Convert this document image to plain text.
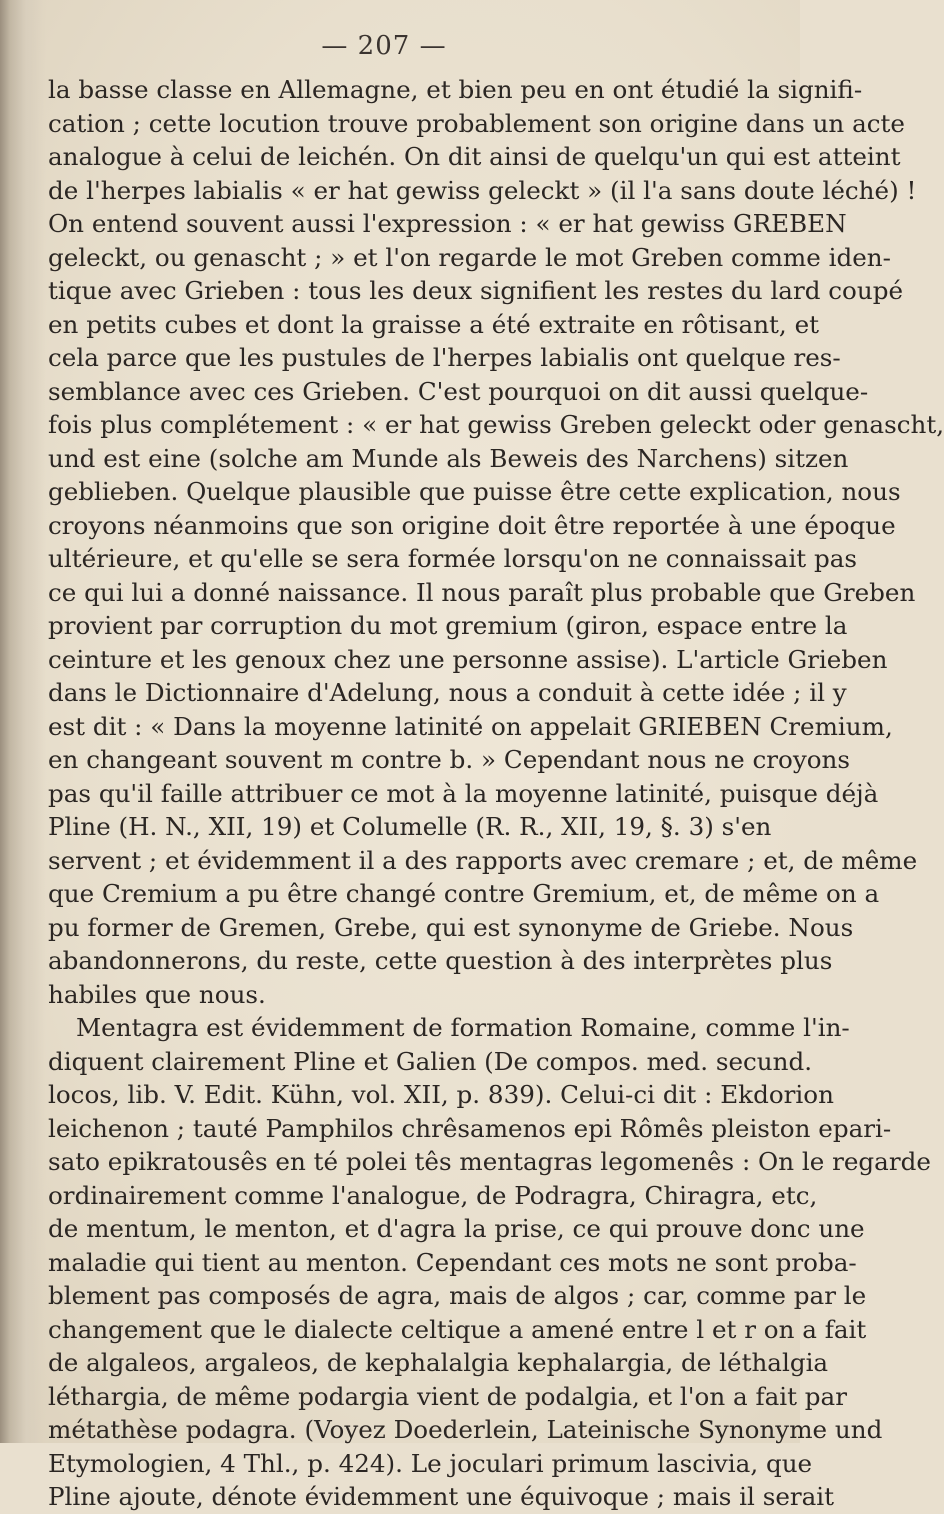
— 207 —
la basse classe en Allemagne, et bien peu en ont étudié la signifi-
cation ; cette locution trouve probablement son origine dans un acte
analogue à celui de leichén. On dit ainsi de quelqu'un qui est atteint
de l'herpes labialis « er hat gewiss geleckt » (il l'a sans doute léché) !
On entend souvent aussi l'expression : « er hat gewiss GREBEN
geleckt, ou genascht ; » et l'on regarde le mot Greben comme iden-
tique avec Grieben : tous les deux signifient les restes du lard coupé
en petits cubes et dont la graisse a été extraite en rôtisant, et
cela parce que les pustules de l'herpes labialis ont quelque res-
semblance avec ces Grieben. C'est pourquoi on dit aussi quelque-
fois plus complétement : « er hat gewiss Greben geleckt oder genascht,
und est eine (solche am Munde als Beweis des Narchens) sitzen
geblieben. Quelque plausible que puisse être cette explication, nous
croyons néanmoins que son origine doit être reportée à une époque
ultérieure, et qu'elle se sera formée lorsqu'on ne connaissait pas
ce qui lui a donné naissance. Il nous paraît plus probable que Greben
provient par corruption du mot gremium (giron, espace entre la
ceinture et les genoux chez une personne assise). L'article Grieben
dans le Dictionnaire d'Adelung, nous a conduit à cette idée ; il y
est dit : « Dans la moyenne latinité on appelait GRIEBEN Cremium,
en changeant souvent m contre b. » Cependant nous ne croyons
pas qu'il faille attribuer ce mot à la moyenne latinité, puisque déjà
Pline (H. N., XII, 19) et Columelle (R. R., XII, 19, §. 3) s'en
servent ; et évidemment il a des rapports avec cremare ; et, de même
que Cremium a pu être changé contre Gremium, et, de même on a
pu former de Gremen, Grebe, qui est synonyme de Griebe. Nous
abandonnerons, du reste, cette question à des interprètes plus
habiles que nous.
Mentagra est évidemment de formation Romaine, comme l'in-
diquent clairement Pline et Galien (De compos. med. secund.
locos, lib. V. Edit. Kühn, vol. XII, p. 839). Celui-ci dit : Ekdorion
leichenon ; tauté Pamphilos chrêsamenos epi Rômês pleiston epari-
sato epikratousês en té polei tês mentagras legomenês : On le regarde
ordinairement comme l'analogue, de Podragra, Chiragra, etc,
de mentum, le menton, et d'agra la prise, ce qui prouve donc une
maladie qui tient au menton. Cependant ces mots ne sont proba-
blement pas composés de agra, mais de algos ; car, comme par le
changement que le dialecte celtique a amené entre l et r on a fait
de algaleos, argaleos, de kephalalgia kephalargia, de léthalgia
léthargia, de même podargia vient de podalgia, et l'on a fait par
métathèse podagra. (Voyez Doederlein, Lateinische Synonyme und
Etymologien, 4 Thl., p. 424). Le joculari primum lascivia, que
Pline ajoute, dénote évidemment une équivoque ; mais il serait
